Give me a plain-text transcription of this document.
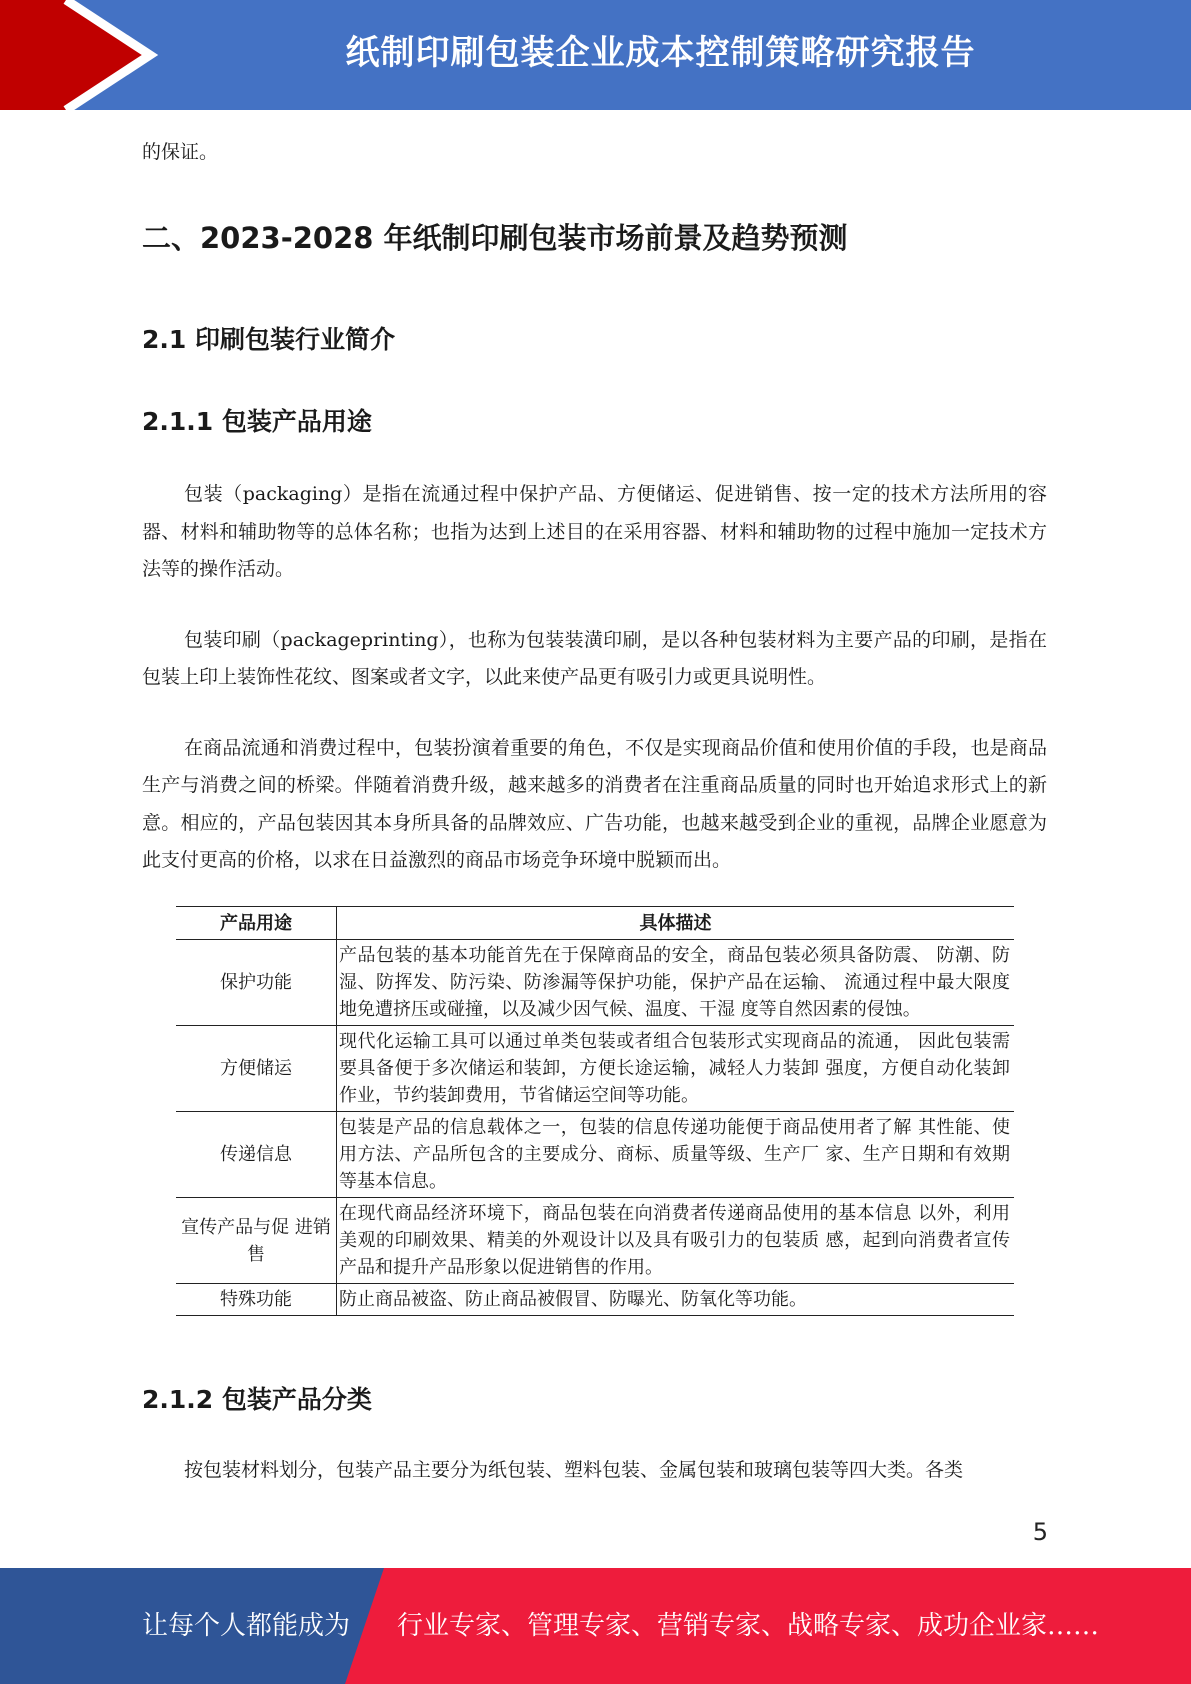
纸制印刷包装企业成本控制策略研究报告

的保证。

二、2023-2028 年纸制印刷包装市场前景及趋势预测
2.1 印刷包装行业简介
2.1.1 包装产品用途

包装（packaging）是指在流通过程中保护产品、方便储运、促进销售、按一定的技术方法所用的容器、材料和辅助物等的总体名称；也指为达到上述目的在采用容器、材料和辅助物的过程中施加一定技术方法等的操作活动。

包装印刷（packageprinting），也称为包装装潢印刷，是以各种包装材料为主要产品的印刷，是指在包装上印上装饰性花纹、图案或者文字，以此来使产品更有吸引力或更具说明性。

在商品流通和消费过程中，包装扮演着重要的角色，不仅是实现商品价值和使用价值的手段，也是商品生产与消费之间的桥梁。伴随着消费升级，越来越多的消费者在注重商品质量的同时也开始追求形式上的新意。相应的，产品包装因其本身所具备的品牌效应、广告功能，也越来越受到企业的重视，品牌企业愿意为此支付更高的价格，以求在日益激烈的商品市场竞争环境中脱颖而出。

产品用途	具体描述
保护功能	产品包装的基本功能首先在于保障商品的安全，商品包装必须具备防震、 防潮、防湿、防挥发、防污染、防渗漏等保护功能，保护产品在运输、 流通过程中最大限度地免遭挤压或碰撞，以及减少因气候、温度、干湿 度等自然因素的侵蚀。
方便储运	现代化运输工具可以通过单类包装或者组合包装形式实现商品的流通， 因此包装需要具备便于多次储运和装卸，方便长途运输，减轻人力装卸 强度，方便自动化装卸作业，节约装卸费用，节省储运空间等功能。
传递信息	包装是产品的信息载体之一，包装的信息传递功能便于商品使用者了解 其性能、使用方法、产品所包含的主要成分、商标、质量等级、生产厂 家、生产日期和有效期等基本信息。
宣传产品与促 进销售	在现代商品经济环境下，商品包装在向消费者传递商品使用的基本信息 以外，利用美观的印刷效果、精美的外观设计以及具有吸引力的包装质 感，起到向消费者宣传产品和提升产品形象以促进销售的作用。
特殊功能	防止商品被盗、防止商品被假冒、防曝光、防氧化等功能。
2.1.2 包装产品分类

按包装材料划分，包装产品主要分为纸包装、塑料包装、金属包装和玻璃包装等四大类。各类

5
让每个人都能成为 行业专家、管理专家、营销专家、战略专家、成功企业家……
